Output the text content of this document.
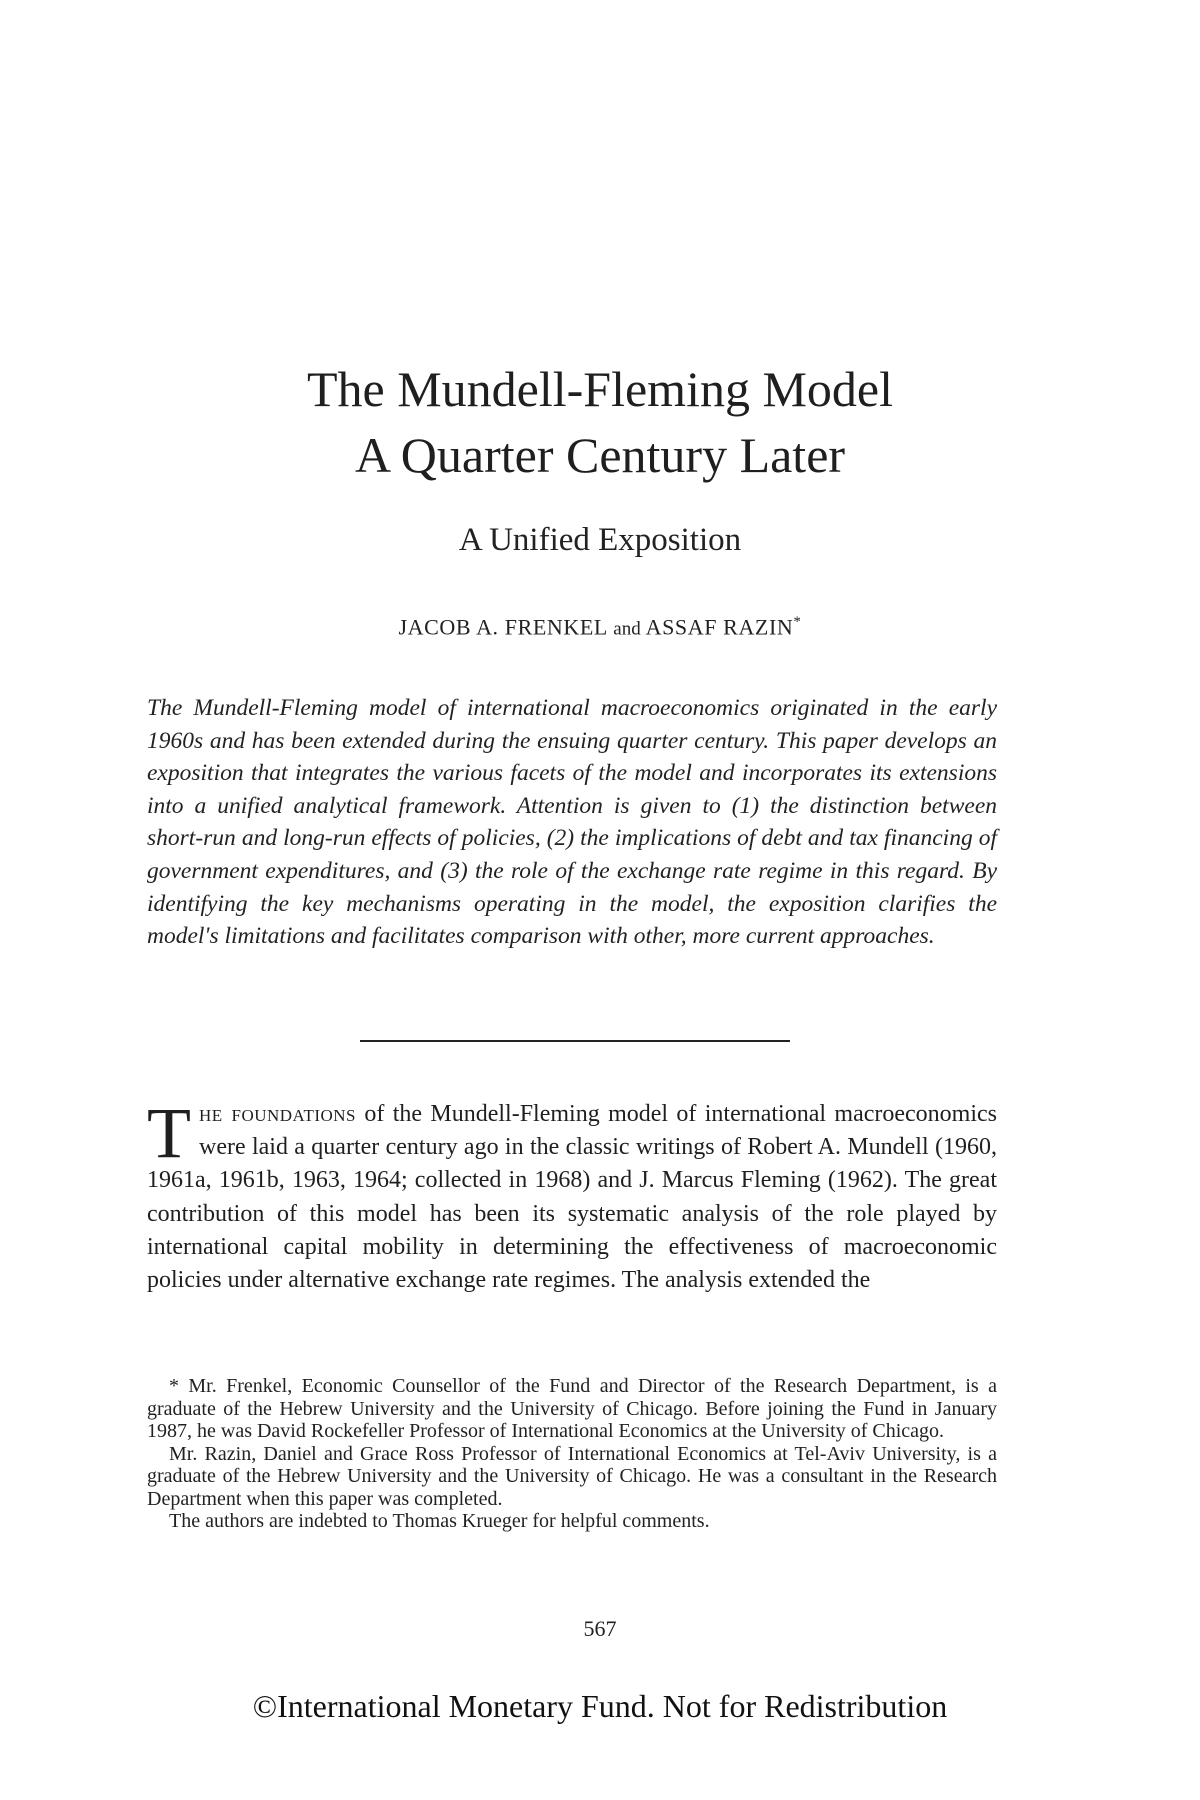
The Mundell-Fleming Model
A Quarter Century Later
A Unified Exposition
JACOB A. FRENKEL and ASSAF RAZIN*
The Mundell-Fleming model of international macroeconomics originated in the early 1960s and has been extended during the ensuing quarter century. This paper develops an exposition that integrates the various facets of the model and incorporates its extensions into a unified analytical framework. Attention is given to (1) the distinction between short-run and long-run effects of policies, (2) the implications of debt and tax financing of government expenditures, and (3) the role of the exchange rate regime in this regard. By identifying the key mechanisms operating in the model, the exposition clarifies the model's limitations and facilitates comparison with other, more current approaches.
The foundations of the Mundell-Fleming model of international macroeconomics were laid a quarter century ago in the classic writings of Robert A. Mundell (1960, 1961a, 1961b, 1963, 1964; collected in 1968) and J. Marcus Fleming (1962). The great contribution of this model has been its systematic analysis of the role played by international capital mobility in determining the effectiveness of macroeconomic policies under alternative exchange rate regimes. The analysis extended the

* Mr. Frenkel, Economic Counsellor of the Fund and Director of the Research Department, is a graduate of the Hebrew University and the University of Chicago. Before joining the Fund in January 1987, he was David Rockefeller Professor of International Economics at the University of Chicago.

Mr. Razin, Daniel and Grace Ross Professor of International Economics at Tel-Aviv University, is a graduate of the Hebrew University and the University of Chicago. He was a consultant in the Research Department when this paper was completed.

The authors are indebted to Thomas Krueger for helpful comments.

567
©International Monetary Fund. Not for Redistribution
